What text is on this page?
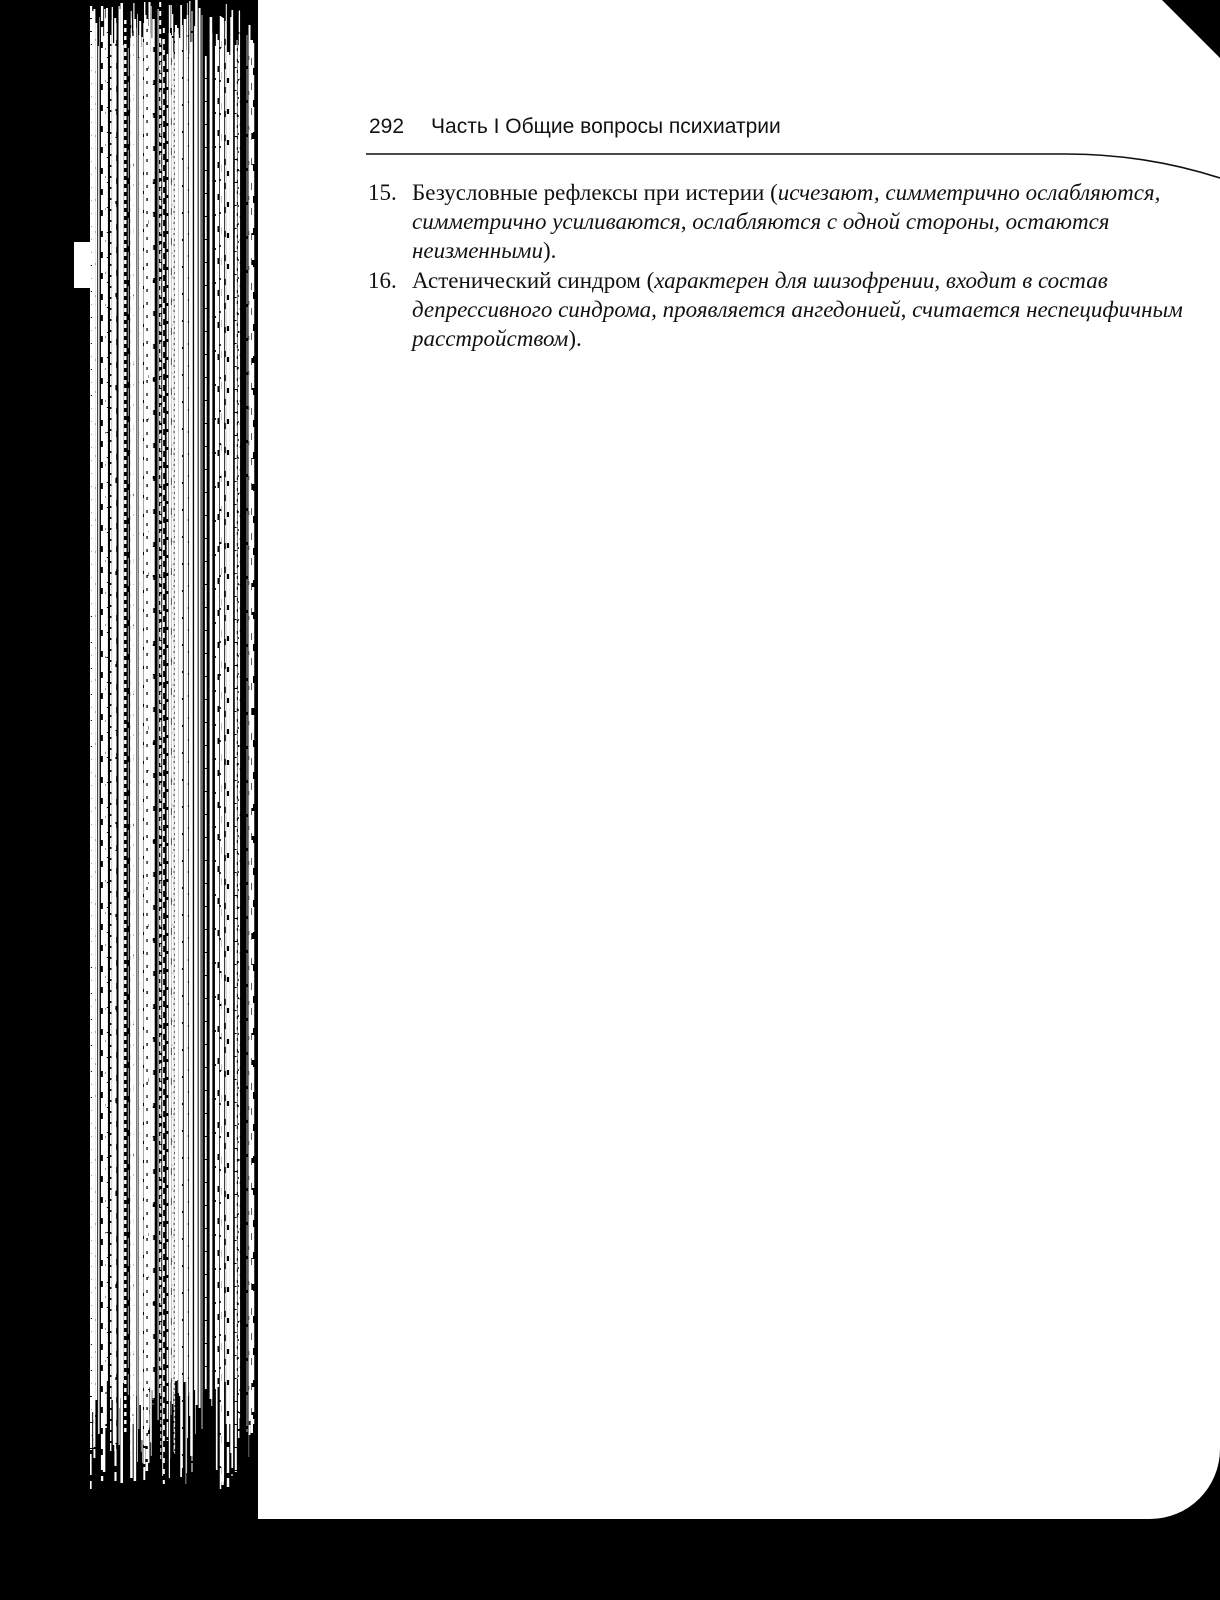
292 Часть I Общие вопросы психиатрии
15. Безусловные рефлексы при истерии (исчезают, симметрично ослабляются, симметрично усиливаются, ослабляются с одной стороны, остаются неизменными).
16. Астенический синдром (характерен для шизофрении, входит в состав депрессивного синдрома, проявляется ангедонией, считается неспецифичным расстройством).
